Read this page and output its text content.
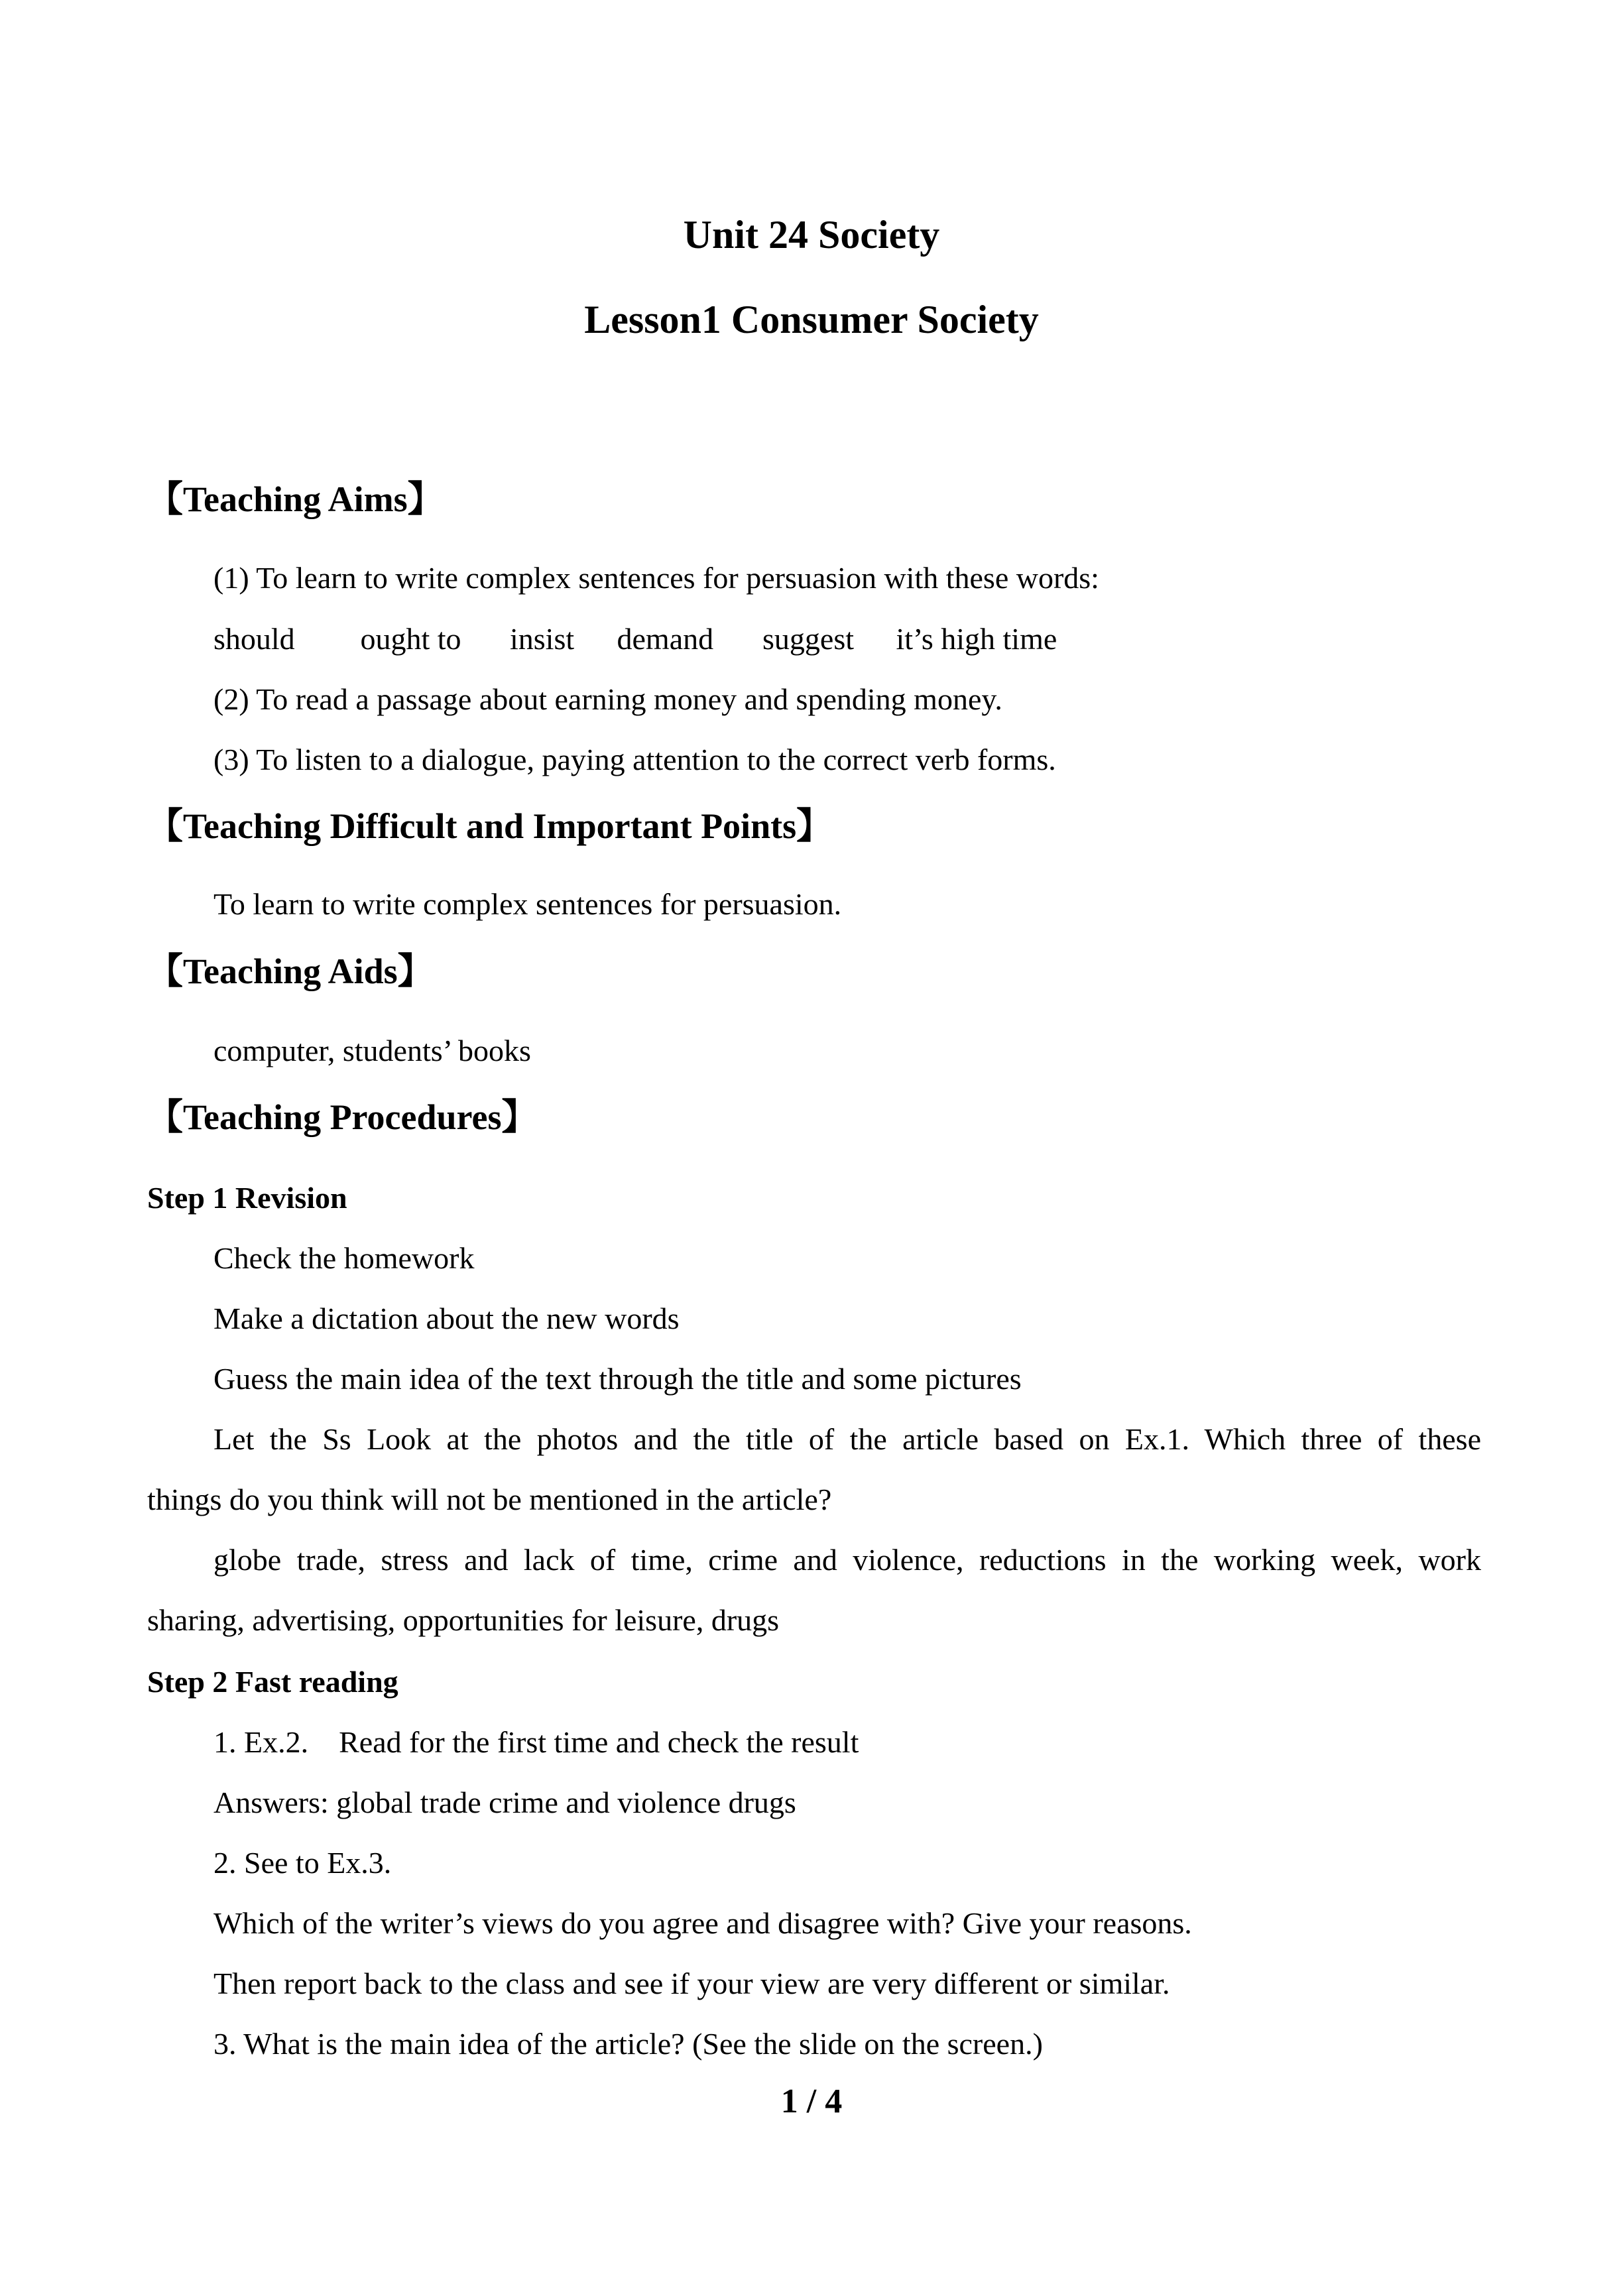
Unit 24 Society
Lesson1 Consumer Society
【Teaching Aims】
(1) To learn to write complex sentences for persuasion with these words:
should ought to insist demand suggest it’s high time
(2) To read a passage about earning money and spending money.
(3) To listen to a dialogue, paying attention to the correct verb forms.
【Teaching Difficult and Important Points】
To learn to write complex sentences for persuasion.
【Teaching Aids】
computer, students’ books
【Teaching Procedures】
Step 1 Revision
Check the homework
Make a dictation about the new words
Guess the main idea of the text through the title and some pictures
Let the Ss Look at the photos and the title of the article based on Ex.1. Which three of these
things do you think will not be mentioned in the article?
globe trade, stress and lack of time, crime and violence, reductions in the working week, work
sharing, advertising, opportunities for leisure, drugs
Step 2 Fast reading
1. Ex.2.    Read for the first time and check the result
Answers: global trade crime and violence drugs
2. See to Ex.3.
Which of the writer’s views do you agree and disagree with? Give your reasons.
Then report back to the class and see if your view are very different or similar.
3. What is the main idea of the article? (See the slide on the screen.)
1 / 4
